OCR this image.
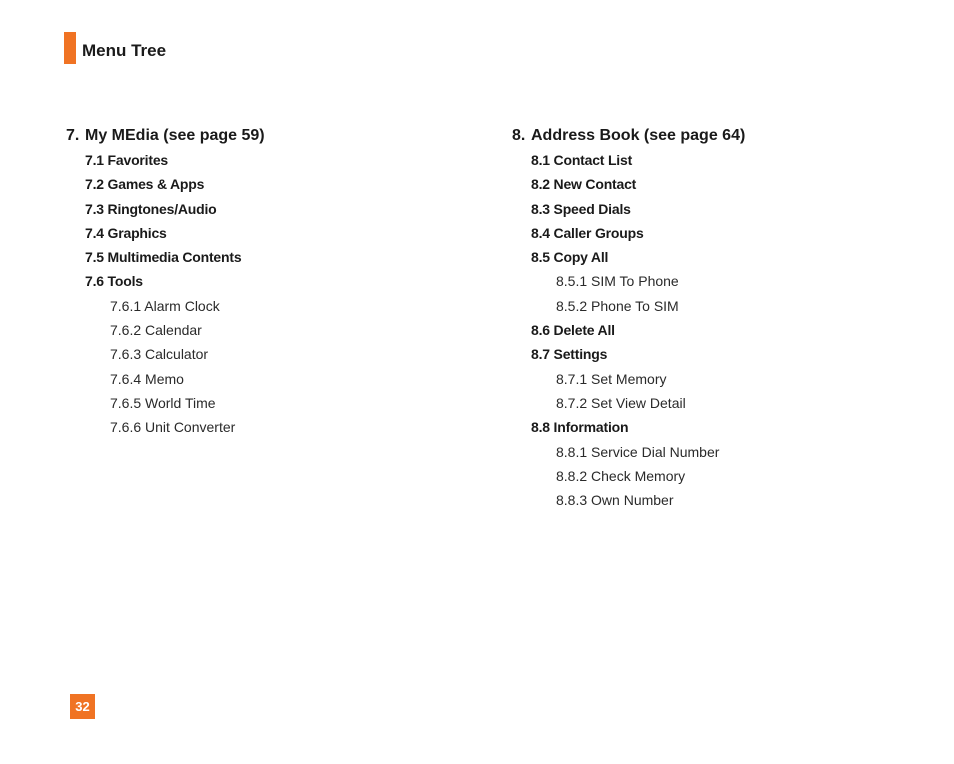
Menu Tree
7. My MEdia (see page 59)
7.1 Favorites
7.2 Games & Apps
7.3 Ringtones/Audio
7.4 Graphics
7.5 Multimedia Contents
7.6 Tools
7.6.1 Alarm Clock
7.6.2 Calendar
7.6.3 Calculator
7.6.4 Memo
7.6.5 World Time
7.6.6 Unit Converter
8. Address Book (see page 64)
8.1 Contact List
8.2 New Contact
8.3 Speed Dials
8.4 Caller Groups
8.5 Copy All
8.5.1 SIM To Phone
8.5.2 Phone To SIM
8.6 Delete All
8.7 Settings
8.7.1 Set Memory
8.7.2 Set View Detail
8.8 Information
8.8.1 Service Dial Number
8.8.2 Check Memory
8.8.3 Own Number
32
